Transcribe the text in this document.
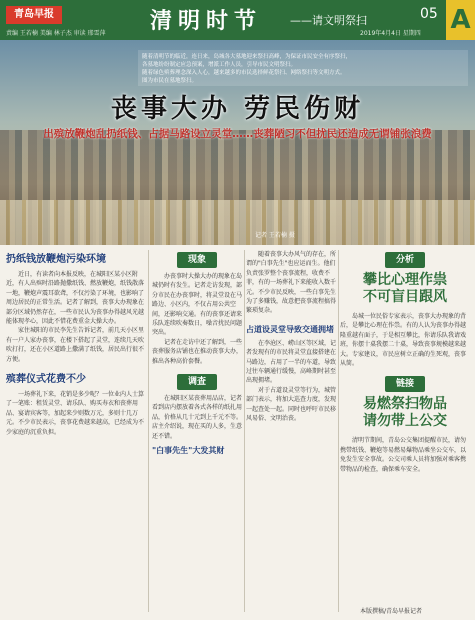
青岛早报	清明时节	——请文明祭扫	05 A
责编 王若楠 美编 林子杰 审读 邢雪萍	2019年4月4日 星期四
随着清明节的临近，连日来，岛城各大墓地迎来祭扫高峰，为保证市民安全有序祭扫，
各墓地纷纷制定应急预案，增派工作人员，引导市民文明祭扫。
随着绿色殡葬理念深入人心，越来越多的市民选择鲜花祭扫、网络祭扫等文明方式。
图为市民在墓地祭扫。
丧事大办 劳民伤财
出殡放鞭炮乱扔纸钱、占据马路设立灵堂……丧葬陋习不但扰民还造成无谓铺张浪费
记者 王若楠 摄
扔纸钱放鞭炮污染环境

近日，有读者向本报反映，在城阳区某小区附近，有人出殡时沿路抛撒纸钱、燃放鞭炮，纸钱散落一地，鞭炮声震耳欲聋，不仅污染了环境，也影响了周边居民的正常生活。记者了解到，丧事大办现象在部分区域仍然存在，一些市民认为丧事办得越风光越能体现孝心，因此不惜花费重金大操大办。

家住城阳的市民李先生告诉记者，前几天小区里有一户人家办丧事，在楼下搭起了灵堂，连续几天吹吹打打，还在小区道路上撒满了纸钱，居民出行很不方便。

殡葬仪式花费不少

一场葬礼下来，花销是多少呢？一位业内人士算了一笔账：租赁灵堂、请乐队、购买寿衣和丧葬用品、宴请宾客等，加起来少则数万元，多则十几万元。不少市民表示，丧事花费越来越高，已经成为不少家庭的沉重负担。

现象

办丧事时大操大办的现象在岛城仍时有发生。记者走访发现，部分市民在办丧事时，将灵堂设在马路边、小区内，不仅占用公共空间，还影响交通。有的丧事还请来乐队连续吹奏数日，噪音扰民问题突出。

记者在走访中还了解到，一些丧葬服务店铺也在推动丧事大办，推出各种高价套餐。

调查

在城阳区某丧葬用品店，记者看到店内摆放着各式各样的纸扎用品，价格从几十元到上千元不等。店主介绍说，现在买的人多，生意还不错。

"白事先生"大发其财

随着丧事大办风气的存在，所谓的"白事先生"也应运而生。他们负责张罗整个丧事流程，收费不菲，有的一场葬礼下来能收入数千元。不少市民反映，一些白事先生为了多赚钱，故意把丧事流程搞得繁琐复杂。

占道设灵堂导致交通拥堵

在李沧区、崂山区等区域，记者发现有的市民将灵堂直接搭建在马路边，占用了一半的车道，导致过往车辆通行缓慢，高峰期时甚至出现拥堵。

对于占道设灵堂等行为，城管部门表示，将加大巡查力度，发现一起查处一起。同时也呼吁市民移风易俗、文明治丧。

分析
攀比心理作祟
不可盲目跟风

岛城一位民俗专家表示，丧事大办现象的背后，是攀比心理在作祟。有的人认为丧事办得越隆重越有面子，于是相互攀比，你请乐队我请戏班，你摆十桌我摆二十桌，导致丧事规模越来越大。专家建议，市民应树立正确的生死观，丧事从简。

链接
易燃祭扫物品
请勿带上公交

清明节期间，青岛公交集团提醒市民，请勿携带纸钱、鞭炮等易燃易爆物品乘坐公交车，以免发生安全事故。公交司乘人员将加强对乘客携带物品的检查，确保乘车安全。

本版撰稿/青岛早报记者
